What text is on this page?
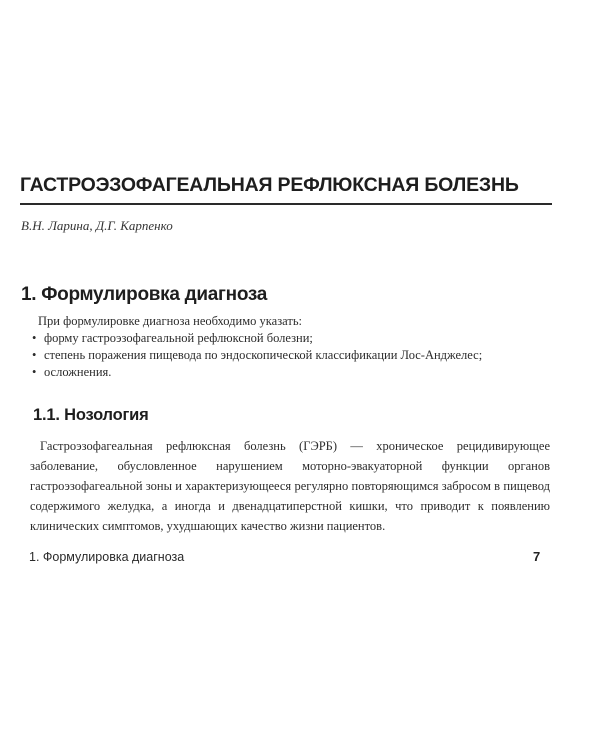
ГАСТРОЭЗОФАГЕАЛЬНАЯ РЕФЛЮКСНАЯ БОЛЕЗНЬ

В.Н. Ларина, Д.Г. Карпенко

1. Формулировка диагноза

При формулировке диагноза необходимо указать:

• форму гастроэзофагеальной рефлюксной болезни;
• степень поражения пищевода по эндоскопической классификации Лос-Анджелес;
• осложнения.
1.1. Нозология

Гастроэзофагеальная рефлюксная болезнь (ГЭРБ) — хроническое рецидивирующее заболевание, обусловленное нарушением моторно-эвакуаторной функции органов гастроэзофагеальной зоны и характеризующееся регулярно повторяющимся забросом в пищевод содержимого желудка, а иногда и двенадцатиперстной кишки, что приводит к появлению клинических симптомов, ухудшающих качество жизни пациентов.

1. Формулировка диагноза	7
